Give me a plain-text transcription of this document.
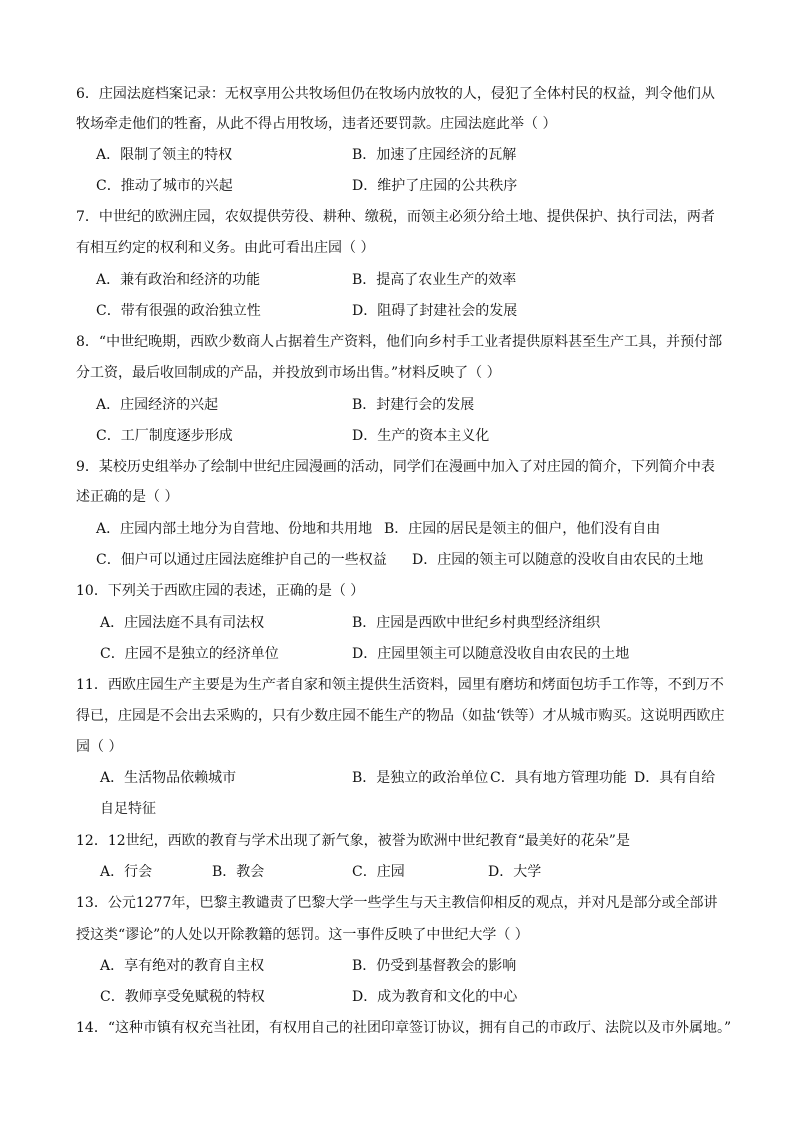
6．庄园法庭档案记录：无权享用公共牧场但仍在牧场内放牧的人，侵犯了全体村民的权益，判令他们从
牧场牵走他们的牲畜，从此不得占用牧场，违者还要罚款。庄园法庭此举（ ）
A．限制了领主的特权	B．加速了庄园经济的瓦解
C．推动了城市的兴起	D．维护了庄园的公共秩序
7．中世纪的欧洲庄园，农奴提供劳役、耕种、缴税，而领主必须分给土地、提供保护、执行司法，两者
有相互约定的权利和义务。由此可看出庄园（ ）
A．兼有政治和经济的功能	B．提高了农业生产的效率
C．带有很强的政治独立性	D．阻碍了封建社会的发展
8．“中世纪晚期，西欧少数商人占据着生产资料，他们向乡村手工业者提供原料甚至生产工具，并预付部
分工资，最后收回制成的产品，并投放到市场出售。”材料反映了（ ）
A．庄园经济的兴起	B．封建行会的发展
C．工厂制度逐步形成	D．生产的资本主义化
9．某校历史组举办了绘制中世纪庄园漫画的活动，同学们在漫画中加入了对庄园的简介，下列简介中表
述正确的是（ ）
A．庄园内部土地分为自营地、份地和共用地 B．庄园的居民是领主的佃户，他们没有自由
C．佃户可以通过庄园法庭维护自己的一些权益 D．庄园的领主可以随意的没收自由农民的土地
10．下列关于西欧庄园的表述，正确的是（ ）
A．庄园法庭不具有司法权	B．庄园是西欧中世纪乡村典型经济组织
C．庄园不是独立的经济单位	D．庄园里领主可以随意没收自由农民的土地
11．西欧庄园生产主要是为生产者自家和领主提供生活资料，园里有磨坊和烤面包坊手工作等，不到万不
得已，庄园是不会出去采购的，只有少数庄园不能生产的物品（如盐‘铁等）才从城市购买。这说明西欧庄
园（ ）
A．生活物品依赖城市	B．是独立的政治单位 C．具有地方管理功能 D．具有自给
自足特征
12．12世纪，西欧的教育与学术出现了新气象，被誉为欧洲中世纪教育“最美好的花朵”是
A．行会	B．教会	C．庄园	D．大学
13．公元1277年，巴黎主教谴责了巴黎大学一些学生与天主教信仰相反的观点，并对凡是部分或全部讲
授这类“谬论”的人处以开除教籍的惩罚。这一事件反映了中世纪大学（ ）
A．享有绝对的教育自主权	B．仍受到基督教会的影响
C．教师享受免赋税的特权	D．成为教育和文化的中心
14．“这种市镇有权充当社团，有权用自己的社团印章签订协议，拥有自己的市政厅、法院以及市外属地。”
